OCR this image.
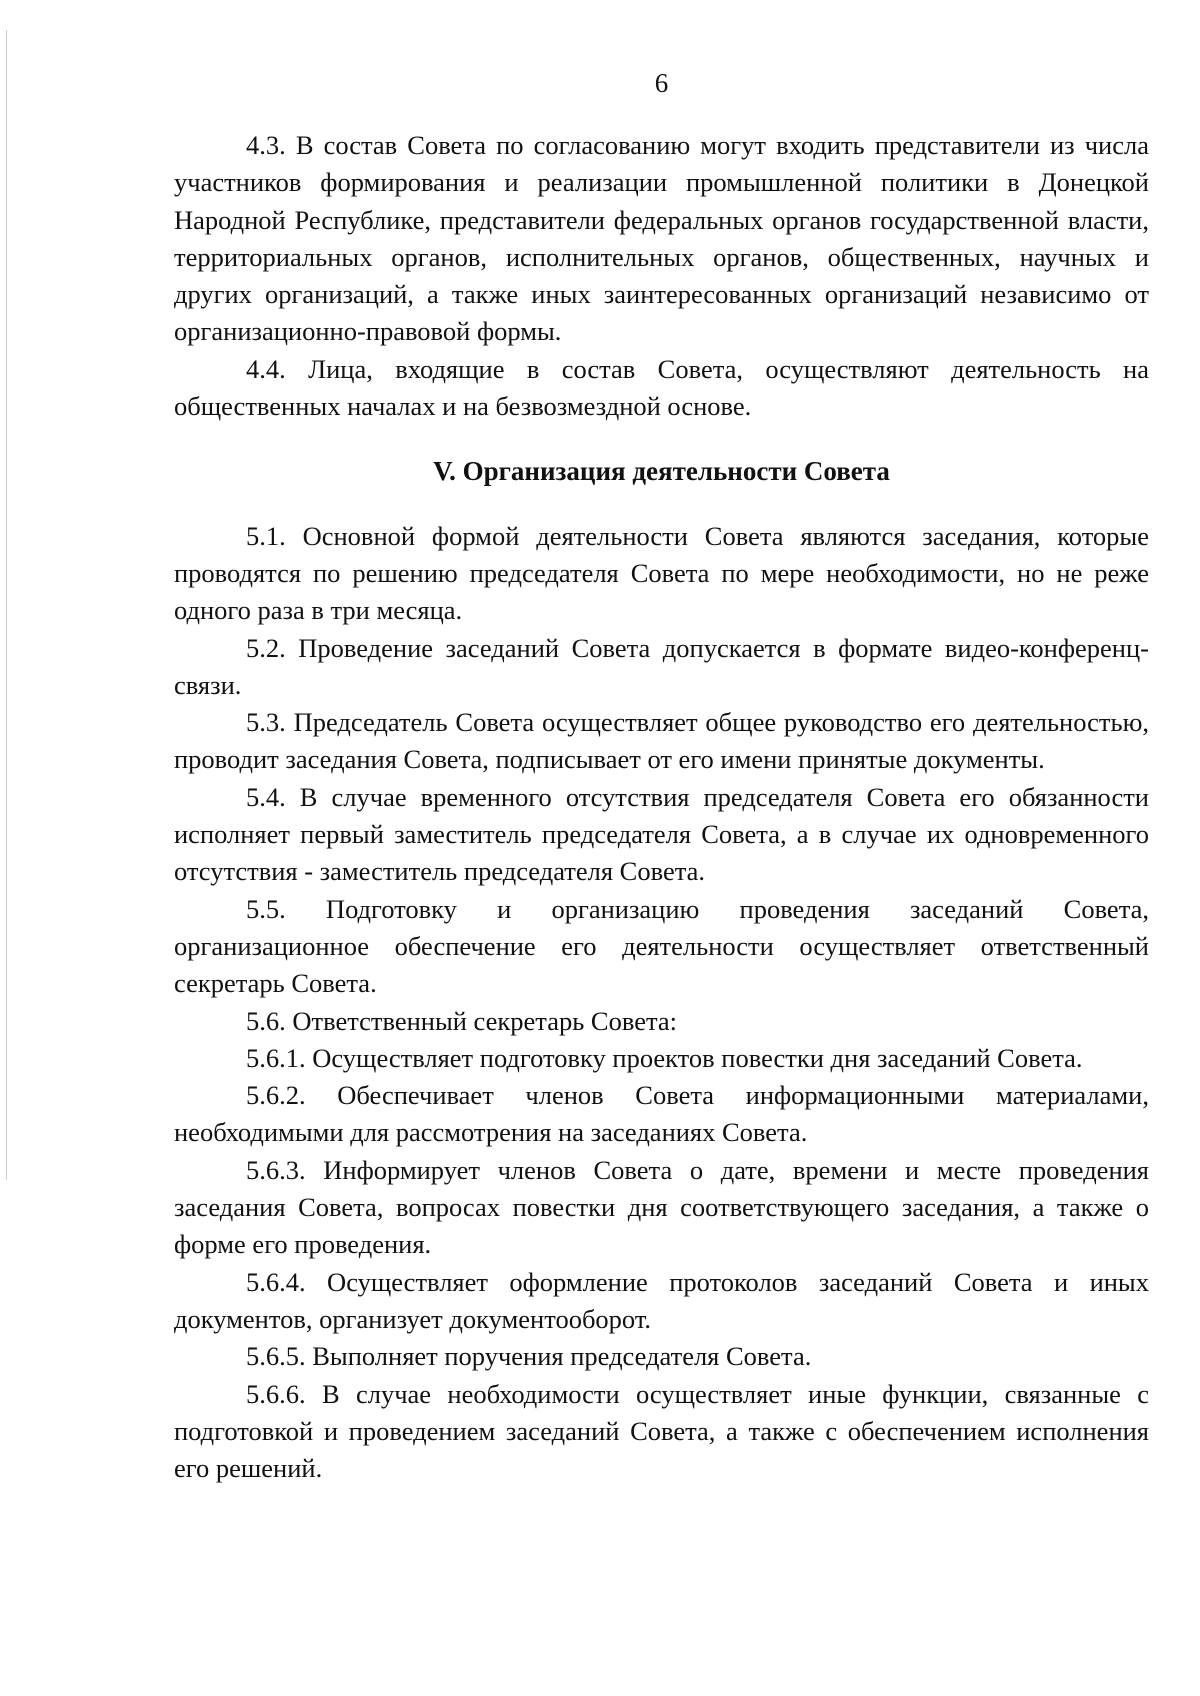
6

4.3. В состав Совета по согласованию могут входить представители из числа участников формирования и реализации промышленной политики в Донецкой Народной Республике, представители федеральных органов государственной власти, территориальных органов, исполнительных органов, общественных, научных и других организаций, а также иных заинтересованных организаций независимо от организационно-правовой формы.

4.4. Лица, входящие в состав Совета, осуществляют деятельность на общественных началах и на безвозмездной основе.

V. Организация деятельности Совета

5.1. Основной формой деятельности Совета являются заседания, которые проводятся по решению председателя Совета по мере необходимости, но не реже одного раза в три месяца.

5.2. Проведение заседаний Совета допускается в формате видео-конференц-связи.

5.3. Председатель Совета осуществляет общее руководство его деятельностью, проводит заседания Совета, подписывает от его имени принятые документы.

5.4. В случае временного отсутствия председателя Совета его обязанности исполняет первый заместитель председателя Совета, а в случае их одновременного отсутствия - заместитель председателя Совета.

5.5. Подготовку и организацию проведения заседаний Совета, организационное обеспечение его деятельности осуществляет ответственный секретарь Совета.

5.6. Ответственный секретарь Совета:

5.6.1. Осуществляет подготовку проектов повестки дня заседаний Совета.

5.6.2. Обеспечивает членов Совета информационными материалами, необходимыми для рассмотрения на заседаниях Совета.

5.6.3. Информирует членов Совета о дате, времени и месте проведения заседания Совета, вопросах повестки дня соответствующего заседания, а также о форме его проведения.

5.6.4. Осуществляет оформление протоколов заседаний Совета и иных документов, организует документооборот.

5.6.5. Выполняет поручения председателя Совета.

5.6.6. В случае необходимости осуществляет иные функции, связанные с подготовкой и проведением заседаний Совета, а также с обеспечением исполнения его решений.
